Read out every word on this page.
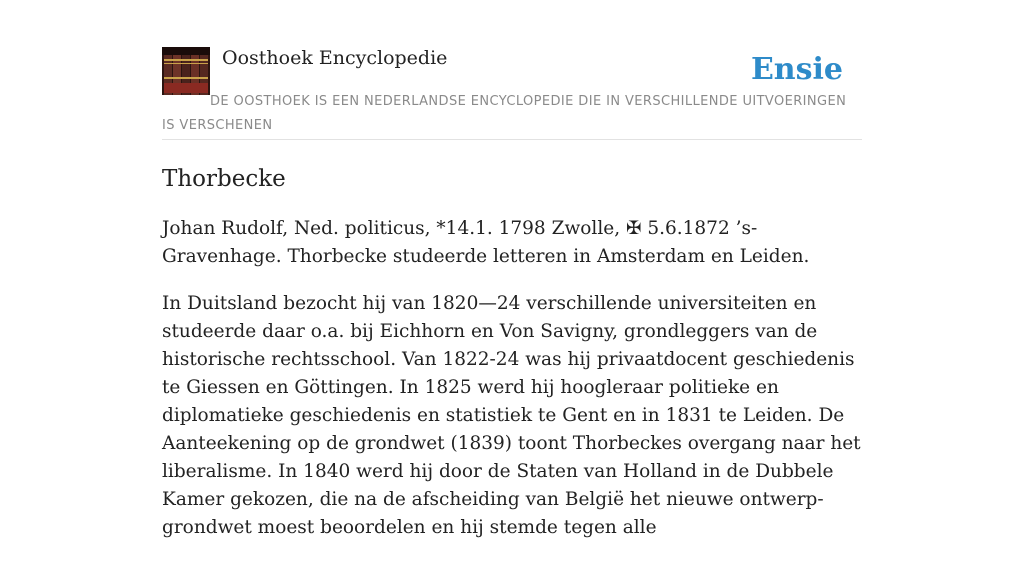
Oosthoek Encyclopedie	Ensie
DE OOSTHOEK IS EEN NEDERLANDSE ENCYCLOPEDIE DIE IN VERSCHILLENDE UITVOERINGEN IS VERSCHENEN
Thorbecke

Johan Rudolf, Ned. politicus, *14.1. 1798 Zwolle, ✠ 5.6.1872 ’s-Gravenhage. Thorbecke studeerde letteren in Amsterdam en Leiden.

In Duitsland bezocht hij van 1820—24 verschillende universiteiten en studeerde daar o.a. bij Eichhorn en Von Savigny, grondleggers van de historische rechtsschool. Van 1822-24 was hij privaatdocent geschiedenis te Giessen en Göttingen. In 1825 werd hij hoogleraar politieke en diplomatieke geschiedenis en statistiek te Gent en in 1831 te Leiden. De Aanteekening op de grondwet (1839) toont Thorbeckes overgang naar het liberalisme. In 1840 werd hij door de Staten van Holland in de Dubbele Kamer gekozen, die na de afscheiding van België het nieuwe ontwerp-grondwet moest beoordelen en hij stemde tegen alle
